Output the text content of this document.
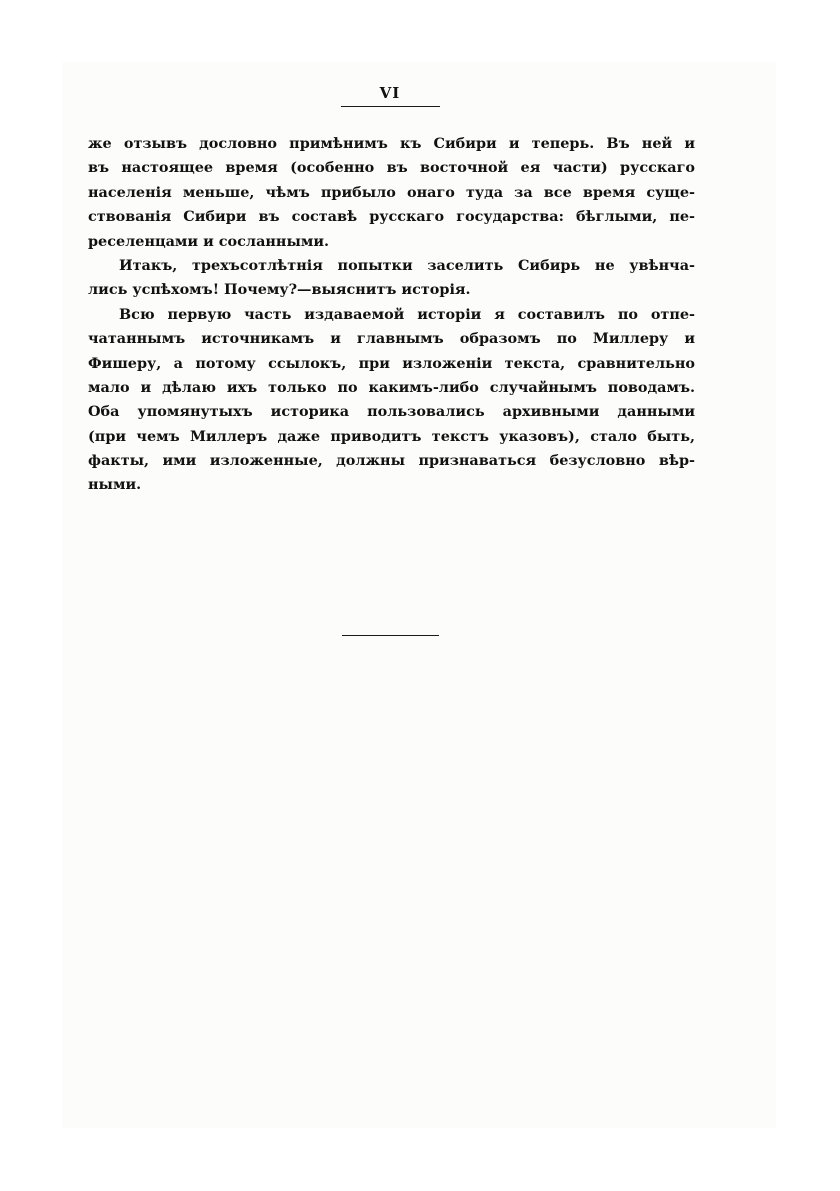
VI
же отзывъ дословно примѣнимъ къ Сибири и теперь. Въ ней и
въ настоящее время (особенно въ восточной ея части) русскаго
населенія меньше, чѣмъ прибыло онаго туда за все время суще-
ствованія Сибири въ составѣ русскаго государства: бѣглыми, пе-
реселенцами и сосланными.
Итакъ, трехъсотлѣтнія попытки заселить Сибирь не увѣнча-
лись успѣхомъ! Почему?—выяснитъ исторія.
Всю первую часть издаваемой исторіи я составилъ по отпе-
чатаннымъ источникамъ и главнымъ образомъ по Миллеру и
Фишеру, а потому ссылокъ, при изложеніи текста, сравнительно
мало и дѣлаю ихъ только по какимъ-либо случайнымъ поводамъ.
Оба упомянутыхъ историка пользовались архивными данными
(при чемъ Миллеръ даже приводитъ текстъ указовъ), стало быть,
факты, ими изложенные, должны признаваться безусловно вѣр-
ными.
